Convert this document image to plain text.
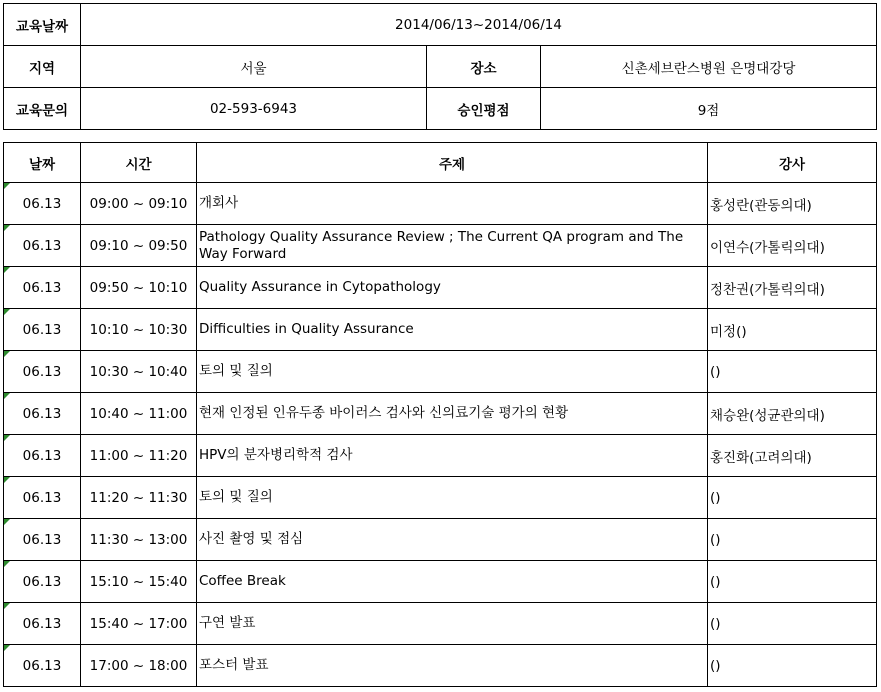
교육날짜	2014/06/13~2014/06/14		
지역	서울	장소	신촌세브란스병원 은명대강당
교육문의	02-593-6943	승인평점	9점
날짜	시간	주제	강사
06.13	09:00 ~ 09:10	개회사	홍성란(관동의대)
06.13	09:10 ~ 09:50	Pathology Quality Assurance Review ; The Current QA program and The Way Forward	이연수(가톨릭의대)
06.13	09:50 ~ 10:10	Quality Assurance in Cytopathology	정찬권(가톨릭의대)
06.13	10:10 ~ 10:30	Difficulties in Quality Assurance	미정()
06.13	10:30 ~ 10:40	토의 및 질의	()
06.13	10:40 ~ 11:00	현재 인정된 인유두종 바이러스 검사와 신의료기술 평가의 현황	채승완(성균관의대)
06.13	11:00 ~ 11:20	HPV의 분자병리학적 검사	홍진화(고려의대)
06.13	11:20 ~ 11:30	토의 및 질의	()
06.13	11:30 ~ 13:00	사진 촬영 및 점심	()
06.13	15:10 ~ 15:40	Coffee Break	()
06.13	15:40 ~ 17:00	구연 발표	()
06.13	17:00 ~ 18:00	포스터 발표	()
